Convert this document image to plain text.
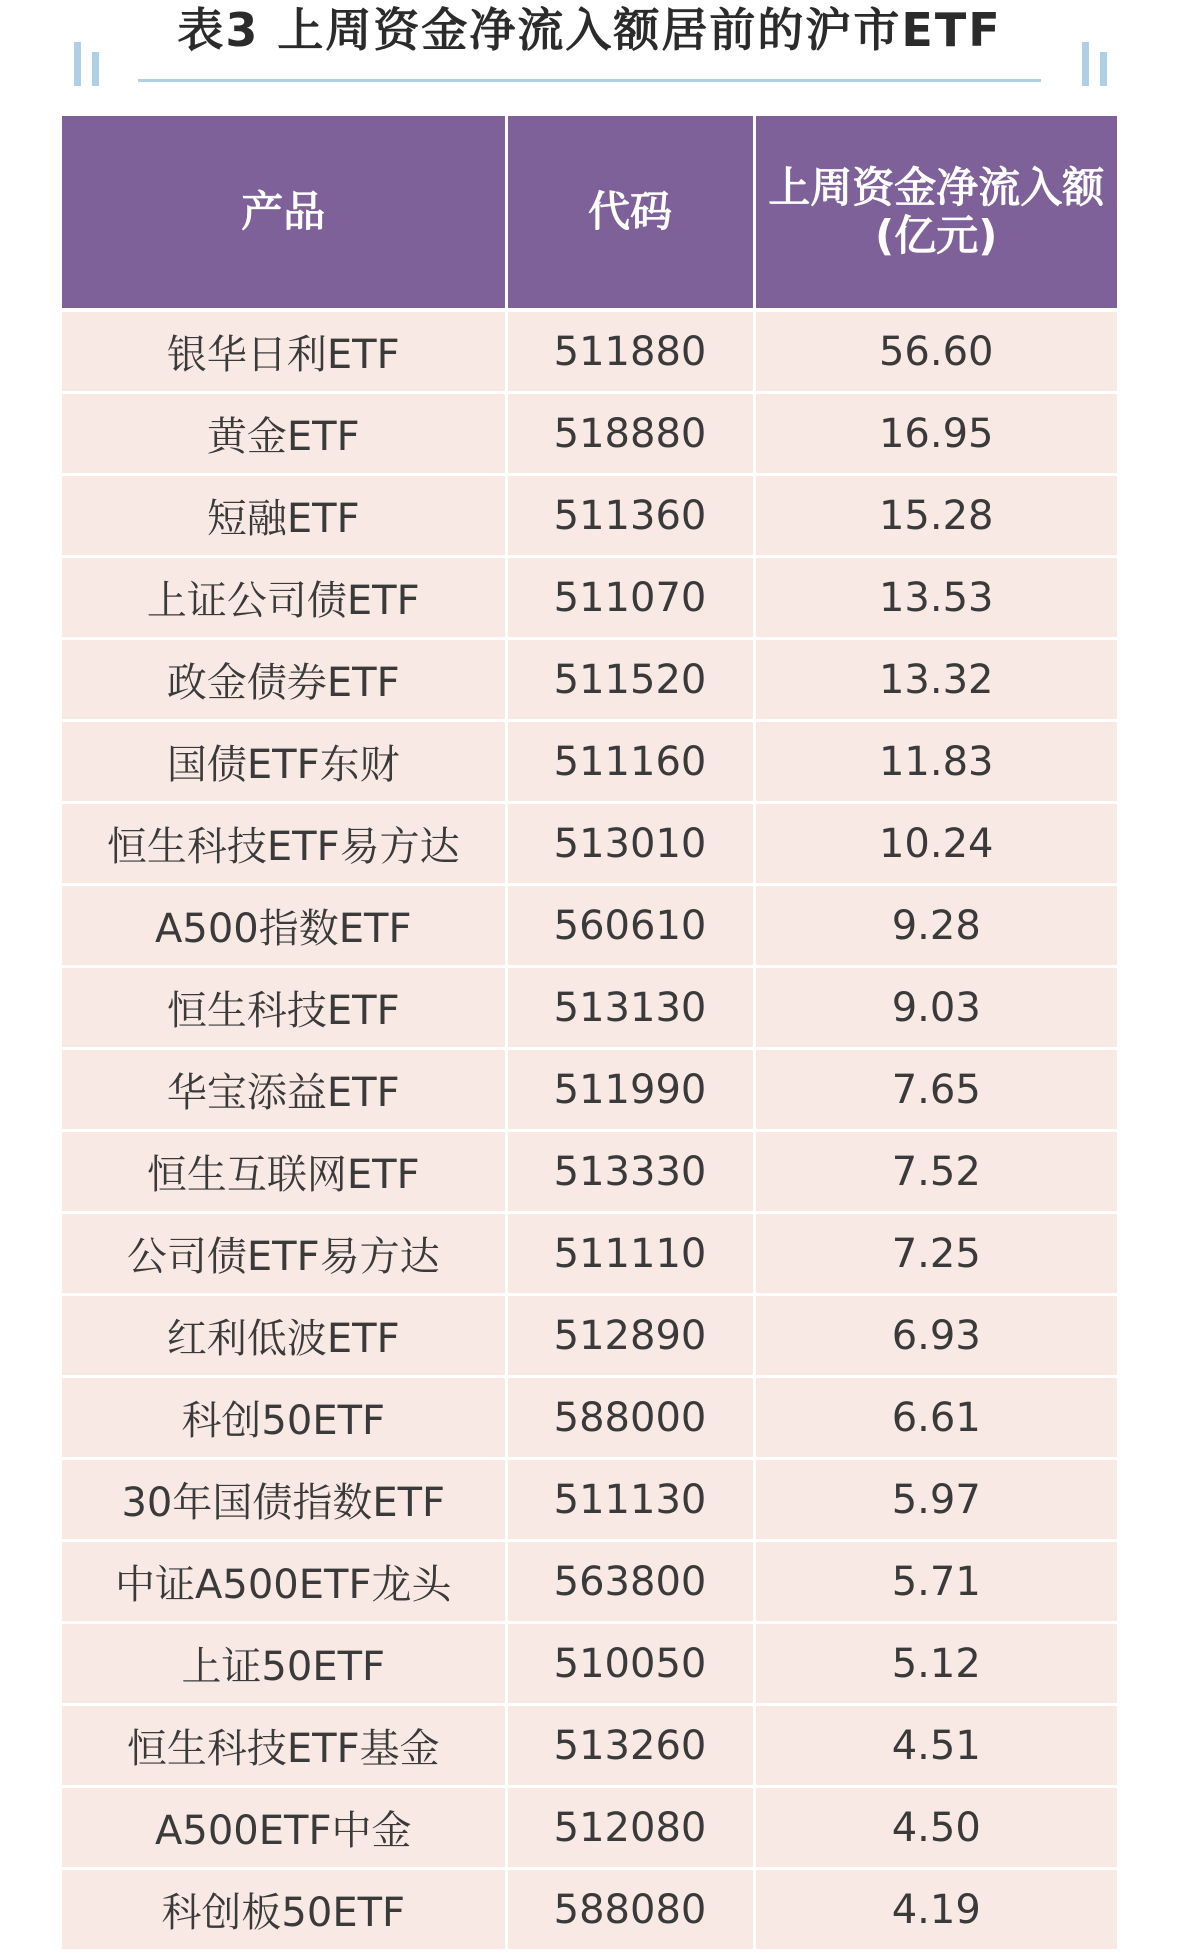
表3 上周资金净流入额居前的沪市ETF
产品	代码	上周资金净流入额
(亿元)

银华日利ETF	511880	56.60
黄金ETF	518880	16.95
短融ETF	511360	15.28
上证公司债ETF	511070	13.53
政金债券ETF	511520	13.32
国债ETF东财	511160	11.83
恒生科技ETF易方达	513010	10.24
A500指数ETF	560610	9.28
恒生科技ETF	513130	9.03
华宝添益ETF	511990	7.65
恒生互联网ETF	513330	7.52
公司债ETF易方达	511110	7.25
红利低波ETF	512890	6.93
科创50ETF	588000	6.61
30年国债指数ETF	511130	5.97
中证A500ETF龙头	563800	5.71
上证50ETF	510050	5.12
恒生科技ETF基金	513260	4.51
A500ETF中金	512080	4.50
科创板50ETF	588080	4.19
